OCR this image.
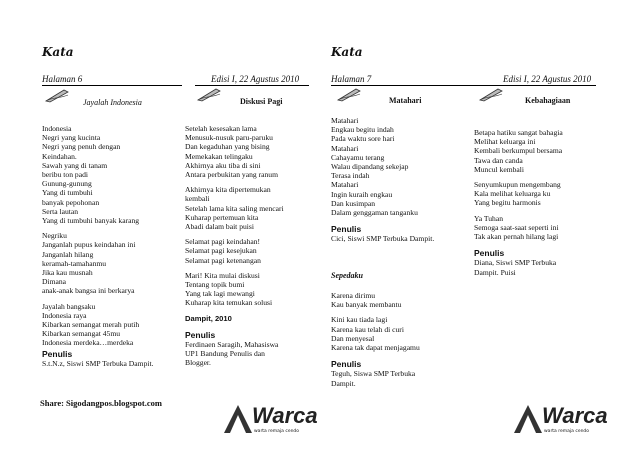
Kata
Halaman 6	Edisi I, 22 Agustus 2010
Jayalah Indonesia
Indonesia
Negri yang kucinta
Negri yang penuh dengan
Keindahan.
Sawah yang di tanam
beribu ton padi
Gunung-gunung
Yang di tumbuhi
banyak pepohonan
Serta lautan
Yang di tumbuhi banyak karang
Negriku
Janganlah pupus keindahan ini
Janganlah hilang
keramah-tamahanmu
Jika kau musnah
Dimana
anak-anak bangsa ini berkarya
Jayalah bangsaku
Indonesia raya
Kibarkan semangat merah putih
Kibarkan semangat 45mu
Indonesia merdeka…merdeka
Penulis
S.t.N.z, Siswi SMP Terbuka Dampit.
Diskusi Pagi
Setelah kesesakan lama
Menusuk-nusuk paru-paruku
Dan kegaduhan yang bising
Memekakan telingaku
Akhirnya aku tiba di sini
Antara perbukitan yang ranum
Akhirnya kita dipertemukan
kembali
Setelah lama kita saling mencari
Kuharap pertemuan kita
Abadi dalam bait puisi
Selamat pagi keindahan!
Selamat pagi kesejukan
Selamat pagi ketenangan
Mari! Kita mulai diskusi
Tentang topik bumi
Yang tak lagi mewangi
Kuharap kita temukan solusi
Dampit, 2010
Penulis
Ferdinaen Saragih, Mahasiswa
UP1 Bandung Penulis dan
Blogger.
Share: Sigodangpos.blogspot.com	Warca
warta remaja cendo
Kata
Halaman 7	Edisi I, 22 Agustus 2010
Matahari
Matahari
Engkau begitu indah
Pada waktu sore hari
Matahari
Cahayamu terang
Walau dipandang sekejap
Terasa indah
Matahari
Ingin kuraih engkau
Dan kusimpan
Dalam genggaman tanganku
Penulis
Cici, Siswi SMP Terbuka Dampit.
Sepedaku
Karena dirimu
Kau banyak membantu
Kini kau tiada lagi
Karena kau telah di curi
Dan menyesal
Karena tak dapat menjagamu
Penulis
Teguh, Siswa SMP Terbuka
Dampit.
Kebahagiaan
Betapa hatiku sangat bahagia
Melihat keluarga ini
Kembali berkumpul bersama
Tawa dan canda
Muncul kembali
Senyumkupun mengembang
Kala melihat keluarga ku
Yang begitu harmonis
Ya Tuhan
Semoga saat-saat seperti ini
Tak akan pernah hilang lagi
Penulis
Diana, Siswi SMP Terbuka
Dampit. Puisi
Warca
warta remaja cendo
